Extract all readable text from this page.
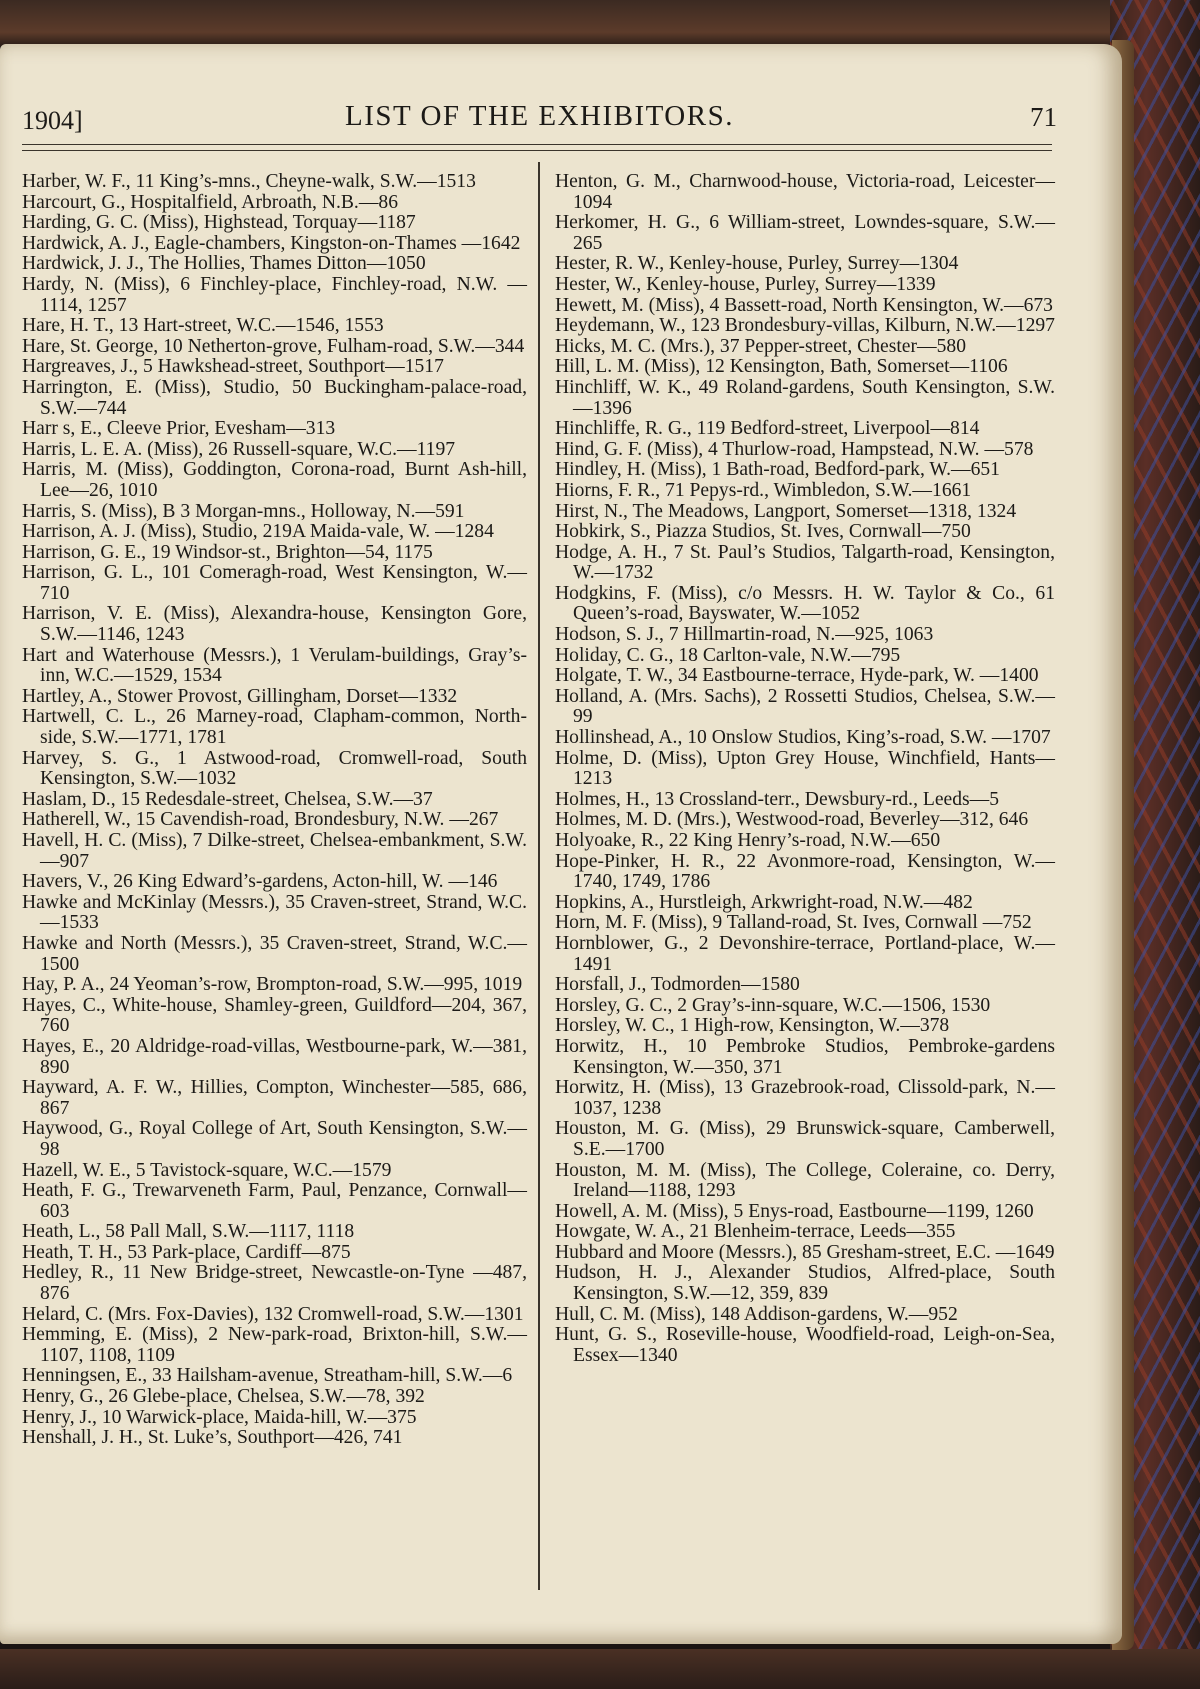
1904]	LIST OF THE EXHIBITORS.	71

Harber, W. F., 11 King’s-mns., Cheyne-walk, S.W.—1513

Harcourt, G., Hospitalfield, Arbroath, N.B.—86

Harding, G. C. (Miss), Highstead, Torquay—1187

Hardwick, A. J., Eagle-chambers, Kingston-on-Thames —1642

Hardwick, J. J., The Hollies, Thames Ditton—1050

Hardy, N. (Miss), 6 Finchley-place, Finchley-road, N.W. —1114, 1257

Hare, H. T., 13 Hart-street, W.C.—1546, 1553

Hare, St. George, 10 Netherton-grove, Fulham-road, S.W.—344

Hargreaves, J., 5 Hawkshead-street, Southport—1517

Harrington, E. (Miss), Studio, 50 Buckingham-palace-road, S.W.—744

Harr s, E., Cleeve Prior, Evesham—313

Harris, L. E. A. (Miss), 26 Russell-square, W.C.—1197

Harris, M. (Miss), Goddington, Corona-road, Burnt Ash-hill, Lee—26, 1010

Harris, S. (Miss), B 3 Morgan-mns., Holloway, N.—591

Harrison, A. J. (Miss), Studio, 219A Maida-vale, W. —1284

Harrison, G. E., 19 Windsor-st., Brighton—54, 1175

Harrison, G. L., 101 Comeragh-road, West Kensington, W.—710

Harrison, V. E. (Miss), Alexandra-house, Kensington Gore, S.W.—1146, 1243

Hart and Waterhouse (Messrs.), 1 Verulam-buildings, Gray’s-inn, W.C.—1529, 1534

Hartley, A., Stower Provost, Gillingham, Dorset—1332

Hartwell, C. L., 26 Marney-road, Clapham-common, North-side, S.W.—1771, 1781

Harvey, S. G., 1 Astwood-road, Cromwell-road, South Kensington, S.W.—1032

Haslam, D., 15 Redesdale-street, Chelsea, S.W.—37

Hatherell, W., 15 Cavendish-road, Brondesbury, N.W. —267

Havell, H. C. (Miss), 7 Dilke-street, Chelsea-embankment, S.W.—907

Havers, V., 26 King Edward’s-gardens, Acton-hill, W. —146

Hawke and McKinlay (Messrs.), 35 Craven-street, Strand, W.C.—1533

Hawke and North (Messrs.), 35 Craven-street, Strand, W.C.—1500

Hay, P. A., 24 Yeoman’s-row, Brompton-road, S.W.—995, 1019

Hayes, C., White-house, Shamley-green, Guildford—204, 367, 760

Hayes, E., 20 Aldridge-road-villas, Westbourne-park, W.—381, 890

Hayward, A. F. W., Hillies, Compton, Winchester—585, 686, 867

Haywood, G., Royal College of Art, South Kensington, S.W.—98

Hazell, W. E., 5 Tavistock-square, W.C.—1579

Heath, F. G., Trewarveneth Farm, Paul, Penzance, Cornwall—603

Heath, L., 58 Pall Mall, S.W.—1117, 1118

Heath, T. H., 53 Park-place, Cardiff—875

Hedley, R., 11 New Bridge-street, Newcastle-on-Tyne —487, 876

Helard, C. (Mrs. Fox-Davies), 132 Cromwell-road, S.W.—1301

Hemming, E. (Miss), 2 New-park-road, Brixton-hill, S.W.—1107, 1108, 1109

Henningsen, E., 33 Hailsham-avenue, Streatham-hill, S.W.—6

Henry, G., 26 Glebe-place, Chelsea, S.W.—78, 392

Henry, J., 10 Warwick-place, Maida-hill, W.—375

Henshall, J. H., St. Luke’s, Southport—426, 741

Henton, G. M., Charnwood-house, Victoria-road, Leicester—1094

Herkomer, H. G., 6 William-street, Lowndes-square, S.W.—265

Hester, R. W., Kenley-house, Purley, Surrey—1304

Hester, W., Kenley-house, Purley, Surrey—1339

Hewett, M. (Miss), 4 Bassett-road, North Kensington, W.—673

Heydemann, W., 123 Brondesbury-villas, Kilburn, N.W.—1297

Hicks, M. C. (Mrs.), 37 Pepper-street, Chester—580

Hill, L. M. (Miss), 12 Kensington, Bath, Somerset—1106

Hinchliff, W. K., 49 Roland-gardens, South Kensington, S.W.—1396

Hinchliffe, R. G., 119 Bedford-street, Liverpool—814

Hind, G. F. (Miss), 4 Thurlow-road, Hampstead, N.W. —578

Hindley, H. (Miss), 1 Bath-road, Bedford-park, W.—651

Hiorns, F. R., 71 Pepys-rd., Wimbledon, S.W.—1661

Hirst, N., The Meadows, Langport, Somerset—1318, 1324

Hobkirk, S., Piazza Studios, St. Ives, Cornwall—750

Hodge, A. H., 7 St. Paul’s Studios, Talgarth-road, Kensington, W.—1732

Hodgkins, F. (Miss), c/o Messrs. H. W. Taylor & Co., 61 Queen’s-road, Bayswater, W.—1052

Hodson, S. J., 7 Hillmartin-road, N.—925, 1063

Holiday, C. G., 18 Carlton-vale, N.W.—795

Holgate, T. W., 34 Eastbourne-terrace, Hyde-park, W. —1400

Holland, A. (Mrs. Sachs), 2 Rossetti Studios, Chelsea, S.W.—99

Hollinshead, A., 10 Onslow Studios, King’s-road, S.W. —1707

Holme, D. (Miss), Upton Grey House, Winchfield, Hants—1213

Holmes, H., 13 Crossland-terr., Dewsbury-rd., Leeds—5

Holmes, M. D. (Mrs.), Westwood-road, Beverley—312, 646

Holyoake, R., 22 King Henry’s-road, N.W.—650

Hope-Pinker, H. R., 22 Avonmore-road, Kensington, W.—1740, 1749, 1786

Hopkins, A., Hurstleigh, Arkwright-road, N.W.—482

Horn, M. F. (Miss), 9 Talland-road, St. Ives, Cornwall —752

Hornblower, G., 2 Devonshire-terrace, Portland-place, W.—1491

Horsfall, J., Todmorden—1580

Horsley, G. C., 2 Gray’s-inn-square, W.C.—1506, 1530

Horsley, W. C., 1 High-row, Kensington, W.—378

Horwitz, H., 10 Pembroke Studios, Pembroke-gardens Kensington, W.—350, 371

Horwitz, H. (Miss), 13 Grazebrook-road, Clissold-park, N.—1037, 1238

Houston, M. G. (Miss), 29 Brunswick-square, Camberwell, S.E.—1700

Houston, M. M. (Miss), The College, Coleraine, co. Derry, Ireland—1188, 1293

Howell, A. M. (Miss), 5 Enys-road, Eastbourne—1199, 1260

Howgate, W. A., 21 Blenheim-terrace, Leeds—355

Hubbard and Moore (Messrs.), 85 Gresham-street, E.C. —1649

Hudson, H. J., Alexander Studios, Alfred-place, South Kensington, S.W.—12, 359, 839

Hull, C. M. (Miss), 148 Addison-gardens, W.—952

Hunt, G. S., Roseville-house, Woodfield-road, Leigh-on-Sea, Essex—1340
